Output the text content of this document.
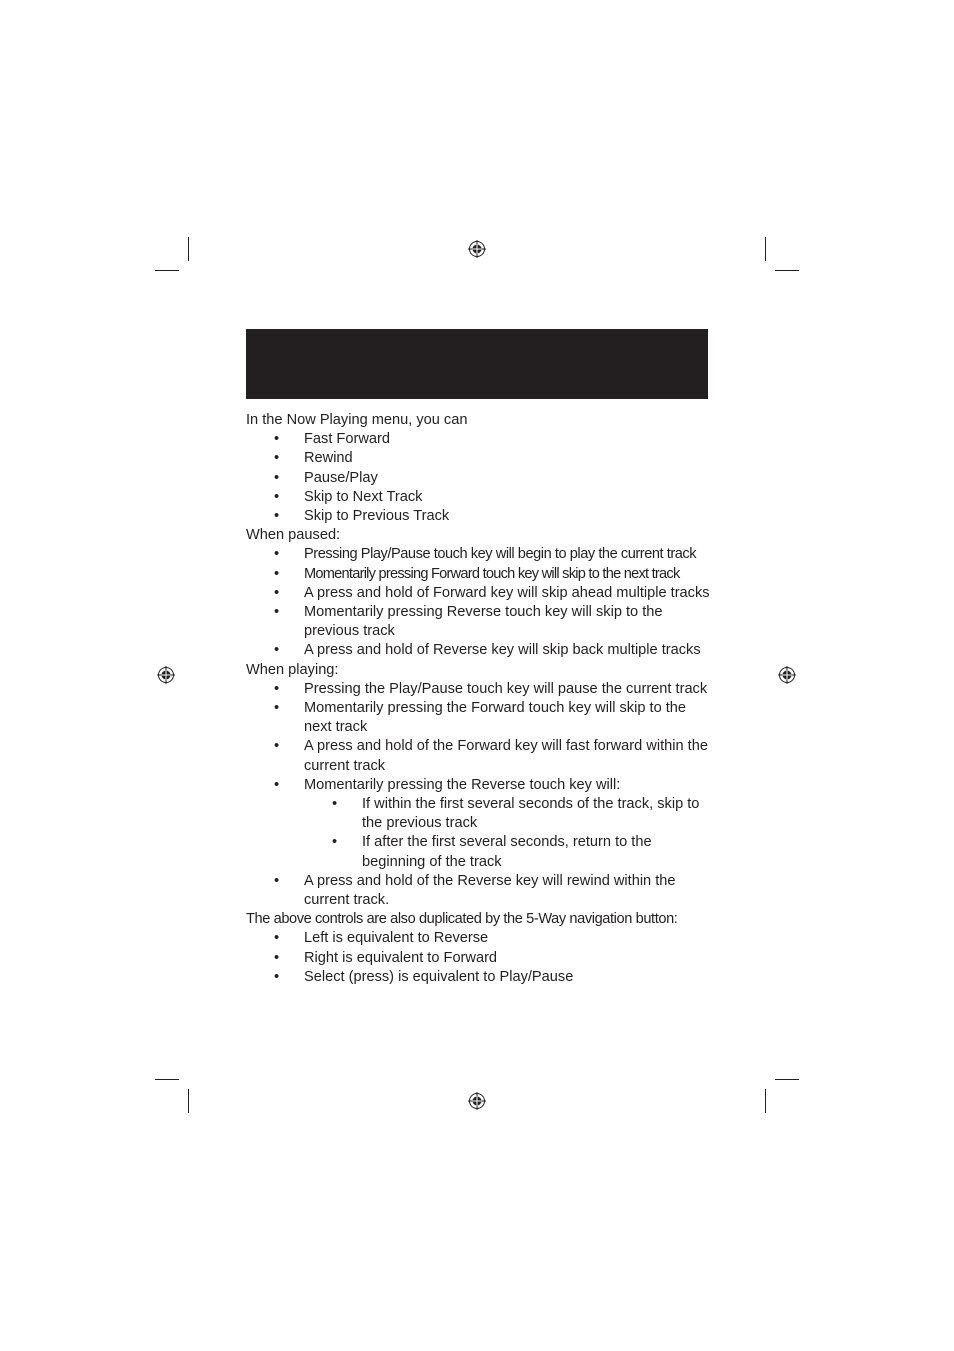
In the Now Playing menu, you can

• Fast Forward
• Rewind
• Pause/Play
• Skip to Next Track
• Skip to Previous Track

When paused:

• Pressing Play/Pause touch key will begin to play the current track
• Momentarily pressing Forward touch key will skip to the next track
• A press and hold of Forward key will skip ahead multiple tracks
• Momentarily pressing Reverse touch key will skip to the previous track
• A press and hold of Reverse key will skip back multiple tracks

When playing:

• Pressing the Play/Pause touch key will pause the current track
• Momentarily pressing the Forward touch key will skip to the next track
• A press and hold of the Forward key will fast forward within the current track
• Momentarily pressing the Reverse touch key will:
• If within the first several seconds of the track, skip to the previous track
• If after the first several seconds, return to the beginning of the track
• A press and hold of the Reverse key will rewind within the current track.

The above controls are also duplicated by the 5-Way navigation button:

• Left is equivalent to Reverse
• Right is equivalent to Forward
• Select (press) is equivalent to Play/Pause
